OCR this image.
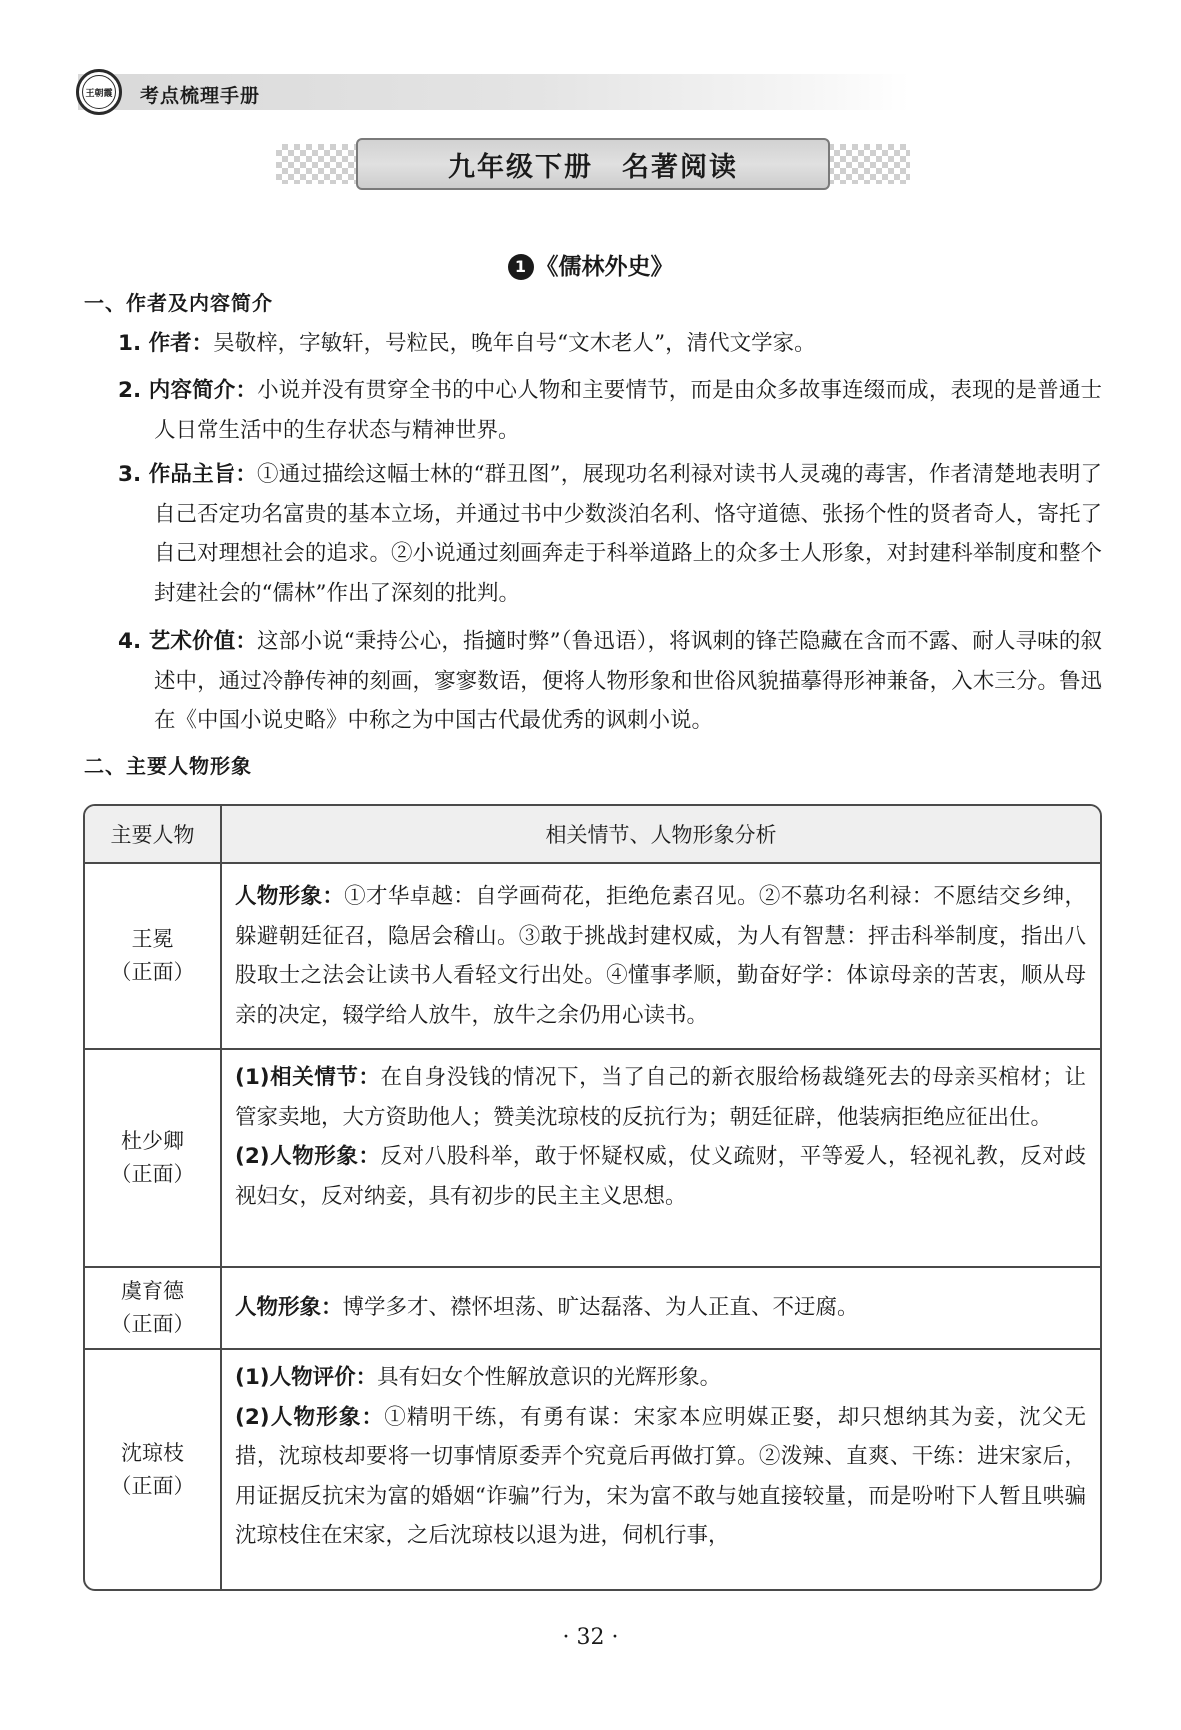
王朝霞 考点梳理手册
九年级下册　名著阅读
1 《儒林外史》
一、作者及内容简介

1. 作者：吴敬梓，字敏轩，号粒民，晚年自号“文木老人”，清代文学家。

2. 内容简介：小说并没有贯穿全书的中心人物和主要情节，而是由众多故事连缀而成，表现的是普通士人日常生活中的生存状态与精神世界。

3. 作品主旨：①通过描绘这幅士林的“群丑图”，展现功名利禄对读书人灵魂的毒害，作者清楚地表明了自己否定功名富贵的基本立场，并通过书中少数淡泊名利、恪守道德、张扬个性的贤者奇人，寄托了自己对理想社会的追求。②小说通过刻画奔走于科举道路上的众多士人形象，对封建科举制度和整个封建社会的“儒林”作出了深刻的批判。

4. 艺术价值：这部小说“秉持公心，指擿时弊”（鲁迅语），将讽刺的锋芒隐藏在含而不露、耐人寻味的叙述中，通过冷静传神的刻画，寥寥数语，便将人物形象和世俗风貌描摹得形神兼备，入木三分。鲁迅在《中国小说史略》中称之为中国古代最优秀的讽刺小说。

二、主要人物形象
主要人物	相关情节、人物形象分析
王冕
（正面）

人物形象：①才华卓越：自学画荷花，拒绝危素召见。②不慕功名利禄：不愿结交乡绅，躲避朝廷征召，隐居会稽山。③敢于挑战封建权威，为人有智慧：抨击科举制度，指出八股取士之法会让读书人看轻文行出处。④懂事孝顺，勤奋好学：体谅母亲的苦衷，顺从母亲的决定，辍学给人放牛，放牛之余仍用心读书。

杜少卿
（正面）

(1)相关情节：在自身没钱的情况下，当了自己的新衣服给杨裁缝死去的母亲买棺材；让管家卖地，大方资助他人；赞美沈琼枝的反抗行为；朝廷征辟，他装病拒绝应征出仕。

(2)人物形象：反对八股科举，敢于怀疑权威，仗义疏财，平等爱人，轻视礼教，反对歧视妇女，反对纳妾，具有初步的民主主义思想。

虞育德
（正面）

人物形象：博学多才、襟怀坦荡、旷达磊落、为人正直、不迂腐。

沈琼枝
（正面）

(1)人物评价：具有妇女个性解放意识的光辉形象。

(2)人物形象：①精明干练，有勇有谋：宋家本应明媒正娶，却只想纳其为妾，沈父无措，沈琼枝却要将一切事情原委弄个究竟后再做打算。②泼辣、直爽、干练：进宋家后，用证据反抗宋为富的婚姻“诈骗”行为，宋为富不敢与她直接较量，而是吩咐下人暂且哄骗沈琼枝住在宋家，之后沈琼枝以退为进，伺机行事，

· 32 ·
